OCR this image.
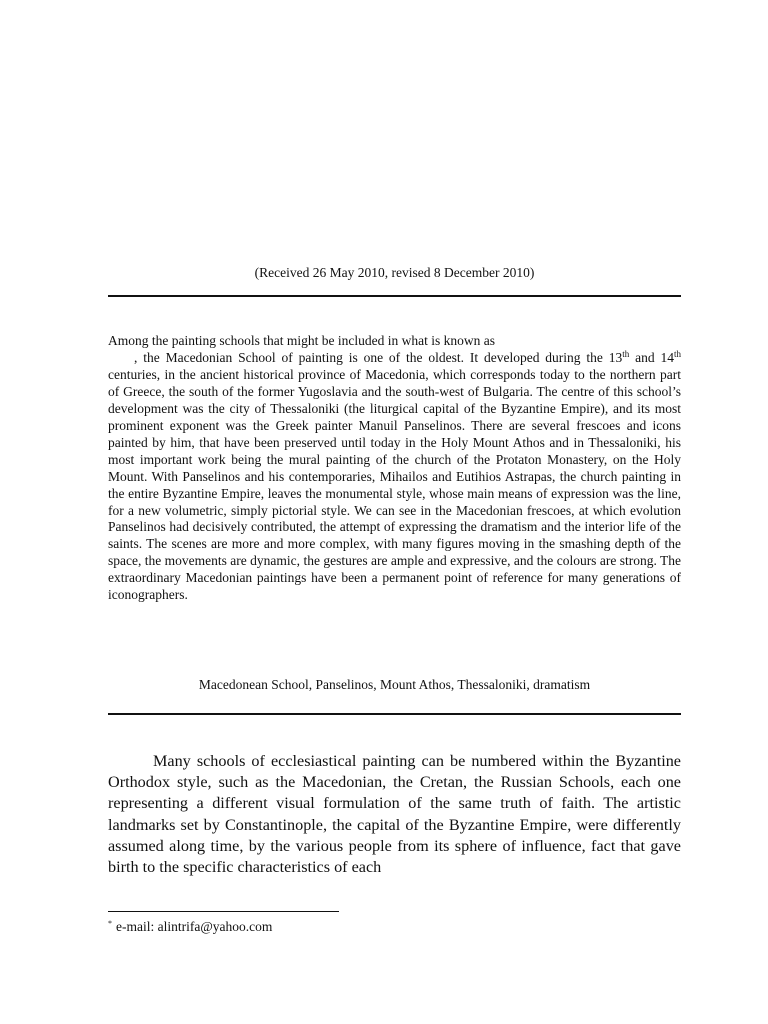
(Received 26 May 2010, revised 8 December 2010)

Among the painting schools that might be included in what is known as
, the Macedonian School of painting is one of the oldest. It developed during the 13th and 14th centuries, in the ancient historical province of Macedonia, which corresponds today to the northern part of Greece, the south of the former Yugoslavia and the south-west of Bulgaria. The centre of this school’s development was the city of Thessaloniki (the liturgical capital of the Byzantine Empire), and its most prominent exponent was the Greek painter Manuil Panselinos. There are several frescoes and icons painted by him, that have been preserved until today in the Holy Mount Athos and in Thessaloniki, his most important work being the mural painting of the church of the Protaton Monastery, on the Holy Mount. With Panselinos and his contemporaries, Mihailos and Eutihios Astrapas, the church painting in the entire Byzantine Empire, leaves the monumental style, whose main means of expression was the line, for a new volumetric, simply pictorial style. We can see in the Macedonian frescoes, at which evolution Panselinos had decisively contributed, the attempt of expressing the dramatism and the interior life of the saints. The scenes are more and more complex, with many figures moving in the smashing depth of the space, the movements are dynamic, the gestures are ample and expressive, and the colours are strong. The extraordinary Macedonian paintings have been a permanent point of reference for many generations of iconographers.

Macedonean School, Panselinos, Mount Athos, Thessaloniki, dramatism

Many schools of ecclesiastical painting can be numbered within the Byzantine Orthodox style, such as the Macedonian, the Cretan, the Russian Schools, each one representing a different visual formulation of the same truth of faith. The artistic landmarks set by Constantinople, the capital of the Byzantine Empire, were differently assumed along time, by the various people from its sphere of influence, fact that gave birth to the specific characteristics of each

* e-mail: alintrifa@yahoo.com
